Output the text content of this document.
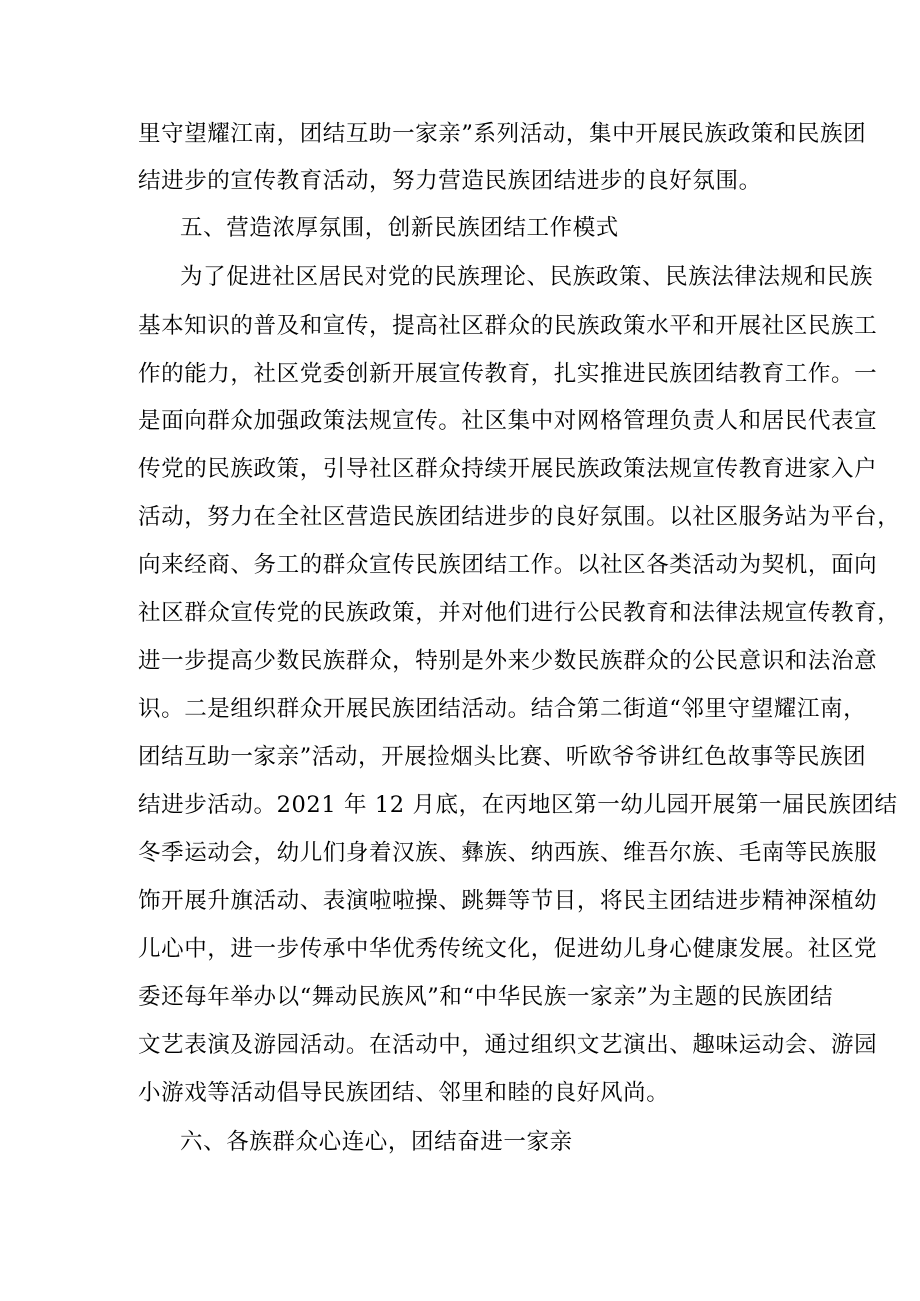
里守望耀江南，团结互助一家亲”系列活动，集中开展民族政策和民族团
结进步的宣传教育活动，努力营造民族团结进步的良好氛围。
五、营造浓厚氛围，创新民族团结工作模式
为了促进社区居民对党的民族理论、民族政策、民族法律法规和民族
基本知识的普及和宣传，提高社区群众的民族政策水平和开展社区民族工
作的能力，社区党委创新开展宣传教育，扎实推进民族团结教育工作。一
是面向群众加强政策法规宣传。社区集中对网格管理负责人和居民代表宣
传党的民族政策，引导社区群众持续开展民族政策法规宣传教育进家入户
活动，努力在全社区营造民族团结进步的良好氛围。以社区服务站为平台，
向来经商、务工的群众宣传民族团结工作。以社区各类活动为契机，面向
社区群众宣传党的民族政策，并对他们进行公民教育和法律法规宣传教育，
进一步提高少数民族群众，特别是外来少数民族群众的公民意识和法治意
识。二是组织群众开展民族团结活动。结合第二街道“邻里守望耀江南，
团结互助一家亲”活动，开展捡烟头比赛、听欧爷爷讲红色故事等民族团
结进步活动。2021 年 12 月底，在丙地区第一幼儿园开展第一届民族团结
冬季运动会，幼儿们身着汉族、彝族、纳西族、维吾尔族、毛南等民族服
饰开展升旗活动、表演啦啦操、跳舞等节目，将民主团结进步精神深植幼
儿心中，进一步传承中华优秀传统文化，促进幼儿身心健康发展。社区党
委还每年举办以“舞动民族风”和“中华民族一家亲”为主题的民族团结
文艺表演及游园活动。在活动中，通过组织文艺演出、趣味运动会、游园
小游戏等活动倡导民族团结、邻里和睦的良好风尚。
六、各族群众心连心，团结奋进一家亲
